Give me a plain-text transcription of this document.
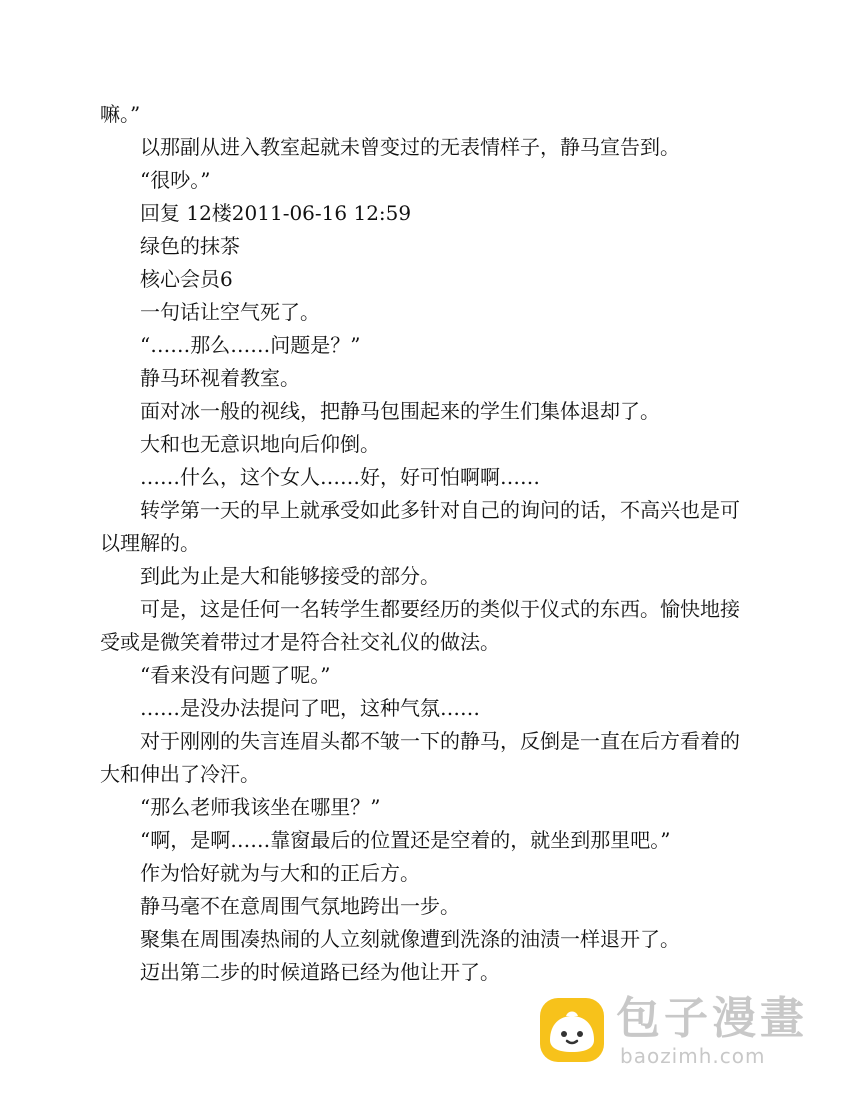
嘛。”

以那副从进入教室起就未曾变过的无表情样子，静马宣告到。

“很吵。”

回复 12楼2011-06-16 12:59

绿色的抹茶

核心会员6

一句话让空气死了。

“……那么……问题是？”

静马环视着教室。

面对冰一般的视线，把静马包围起来的学生们集体退却了。

大和也无意识地向后仰倒。

……什么，这个女人……好，好可怕啊啊……

转学第一天的早上就承受如此多针对自己的询问的话，不高兴也是可以理解的。

到此为止是大和能够接受的部分。

可是，这是任何一名转学生都要经历的类似于仪式的东西。愉快地接受或是微笑着带过才是符合社交礼仪的做法。

“看来没有问题了呢。”

……是没办法提问了吧，这种气氛……

对于刚刚的失言连眉头都不皱一下的静马，反倒是一直在后方看着的大和伸出了冷汗。

“那么老师我该坐在哪里？”

“啊，是啊……靠窗最后的位置还是空着的，就坐到那里吧。”

作为恰好就为与大和的正后方。

静马毫不在意周围气氛地跨出一步。

聚集在周围凑热闹的人立刻就像遭到洗涤的油渍一样退开了。

迈出第二步的时候道路已经为他让开了。

包子漫畫
baozimh.com
